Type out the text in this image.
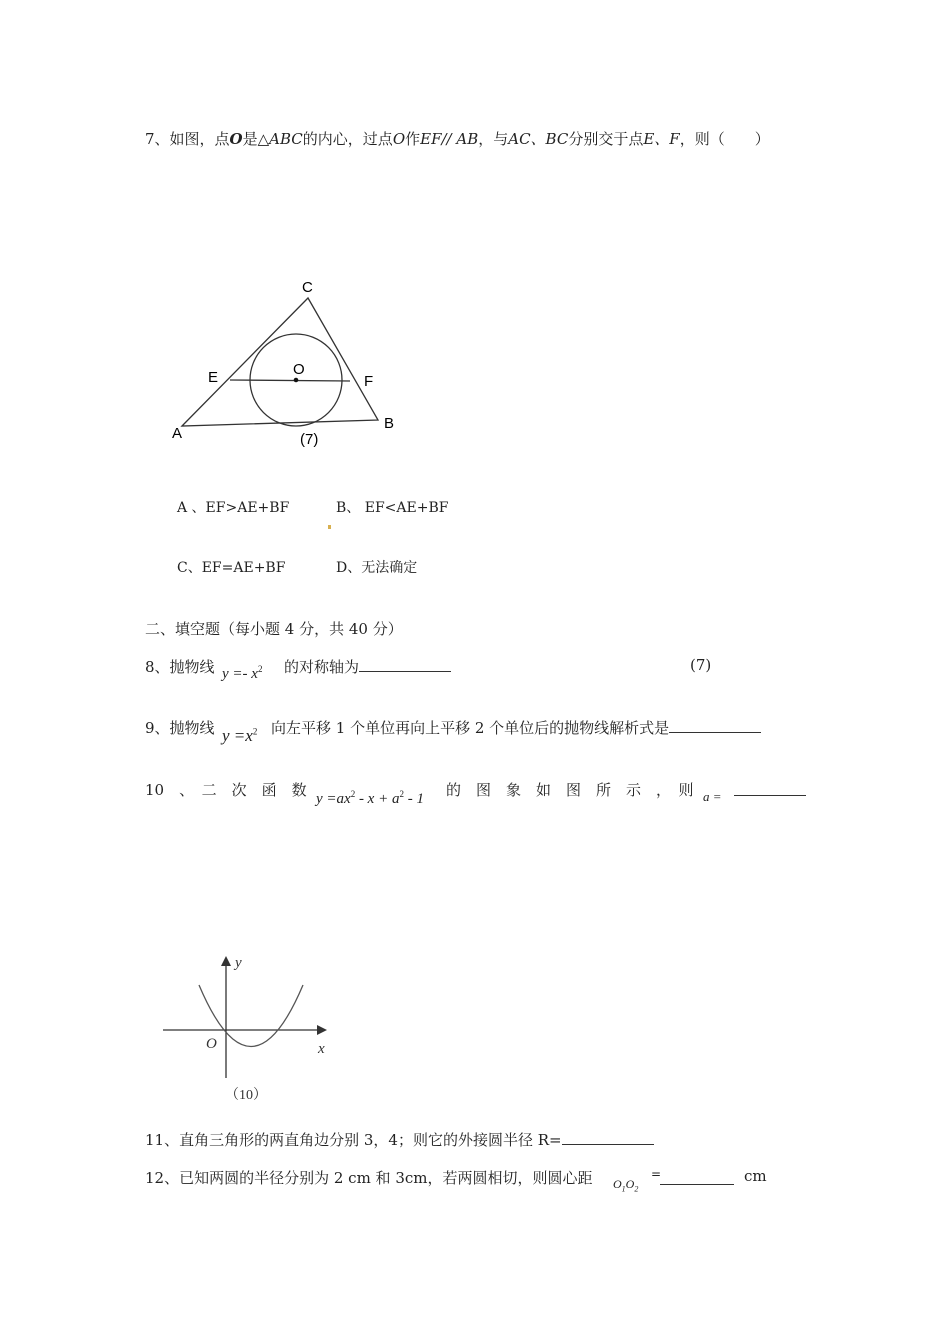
7、如图，点O是△ABC的内心，过点O作EF// AB，与AC、BC分别交于点E、F，则（　　）
C
E	O
F
A
B
(7)
A 、EF>AE+BF	B、 EF<AE+BF
C、EF=AE+BF	D、无法确定
二、填空题（每小题 4 分，共 40 分）
8、抛物线 $y =- x^2$ 的对称轴为	(7)
9、抛物线 $y =x^2$ 向左平移 1 个单位再向上平移 2 个单位后的抛物线解析式是
10　、　二　次　函　数 $y =ax^2 - x + a^2 - 1$ 的　图　象　如　图　所　示　，　则 a =
y
O	x
（10）
11、直角三角形的两直角边分别 3，4；则它的外接圆半径 R=
12、已知两圆的半径分别为 2 cm 和 3cm，若两圆相切，则圆心距 $O_1O_2$
=	cm
